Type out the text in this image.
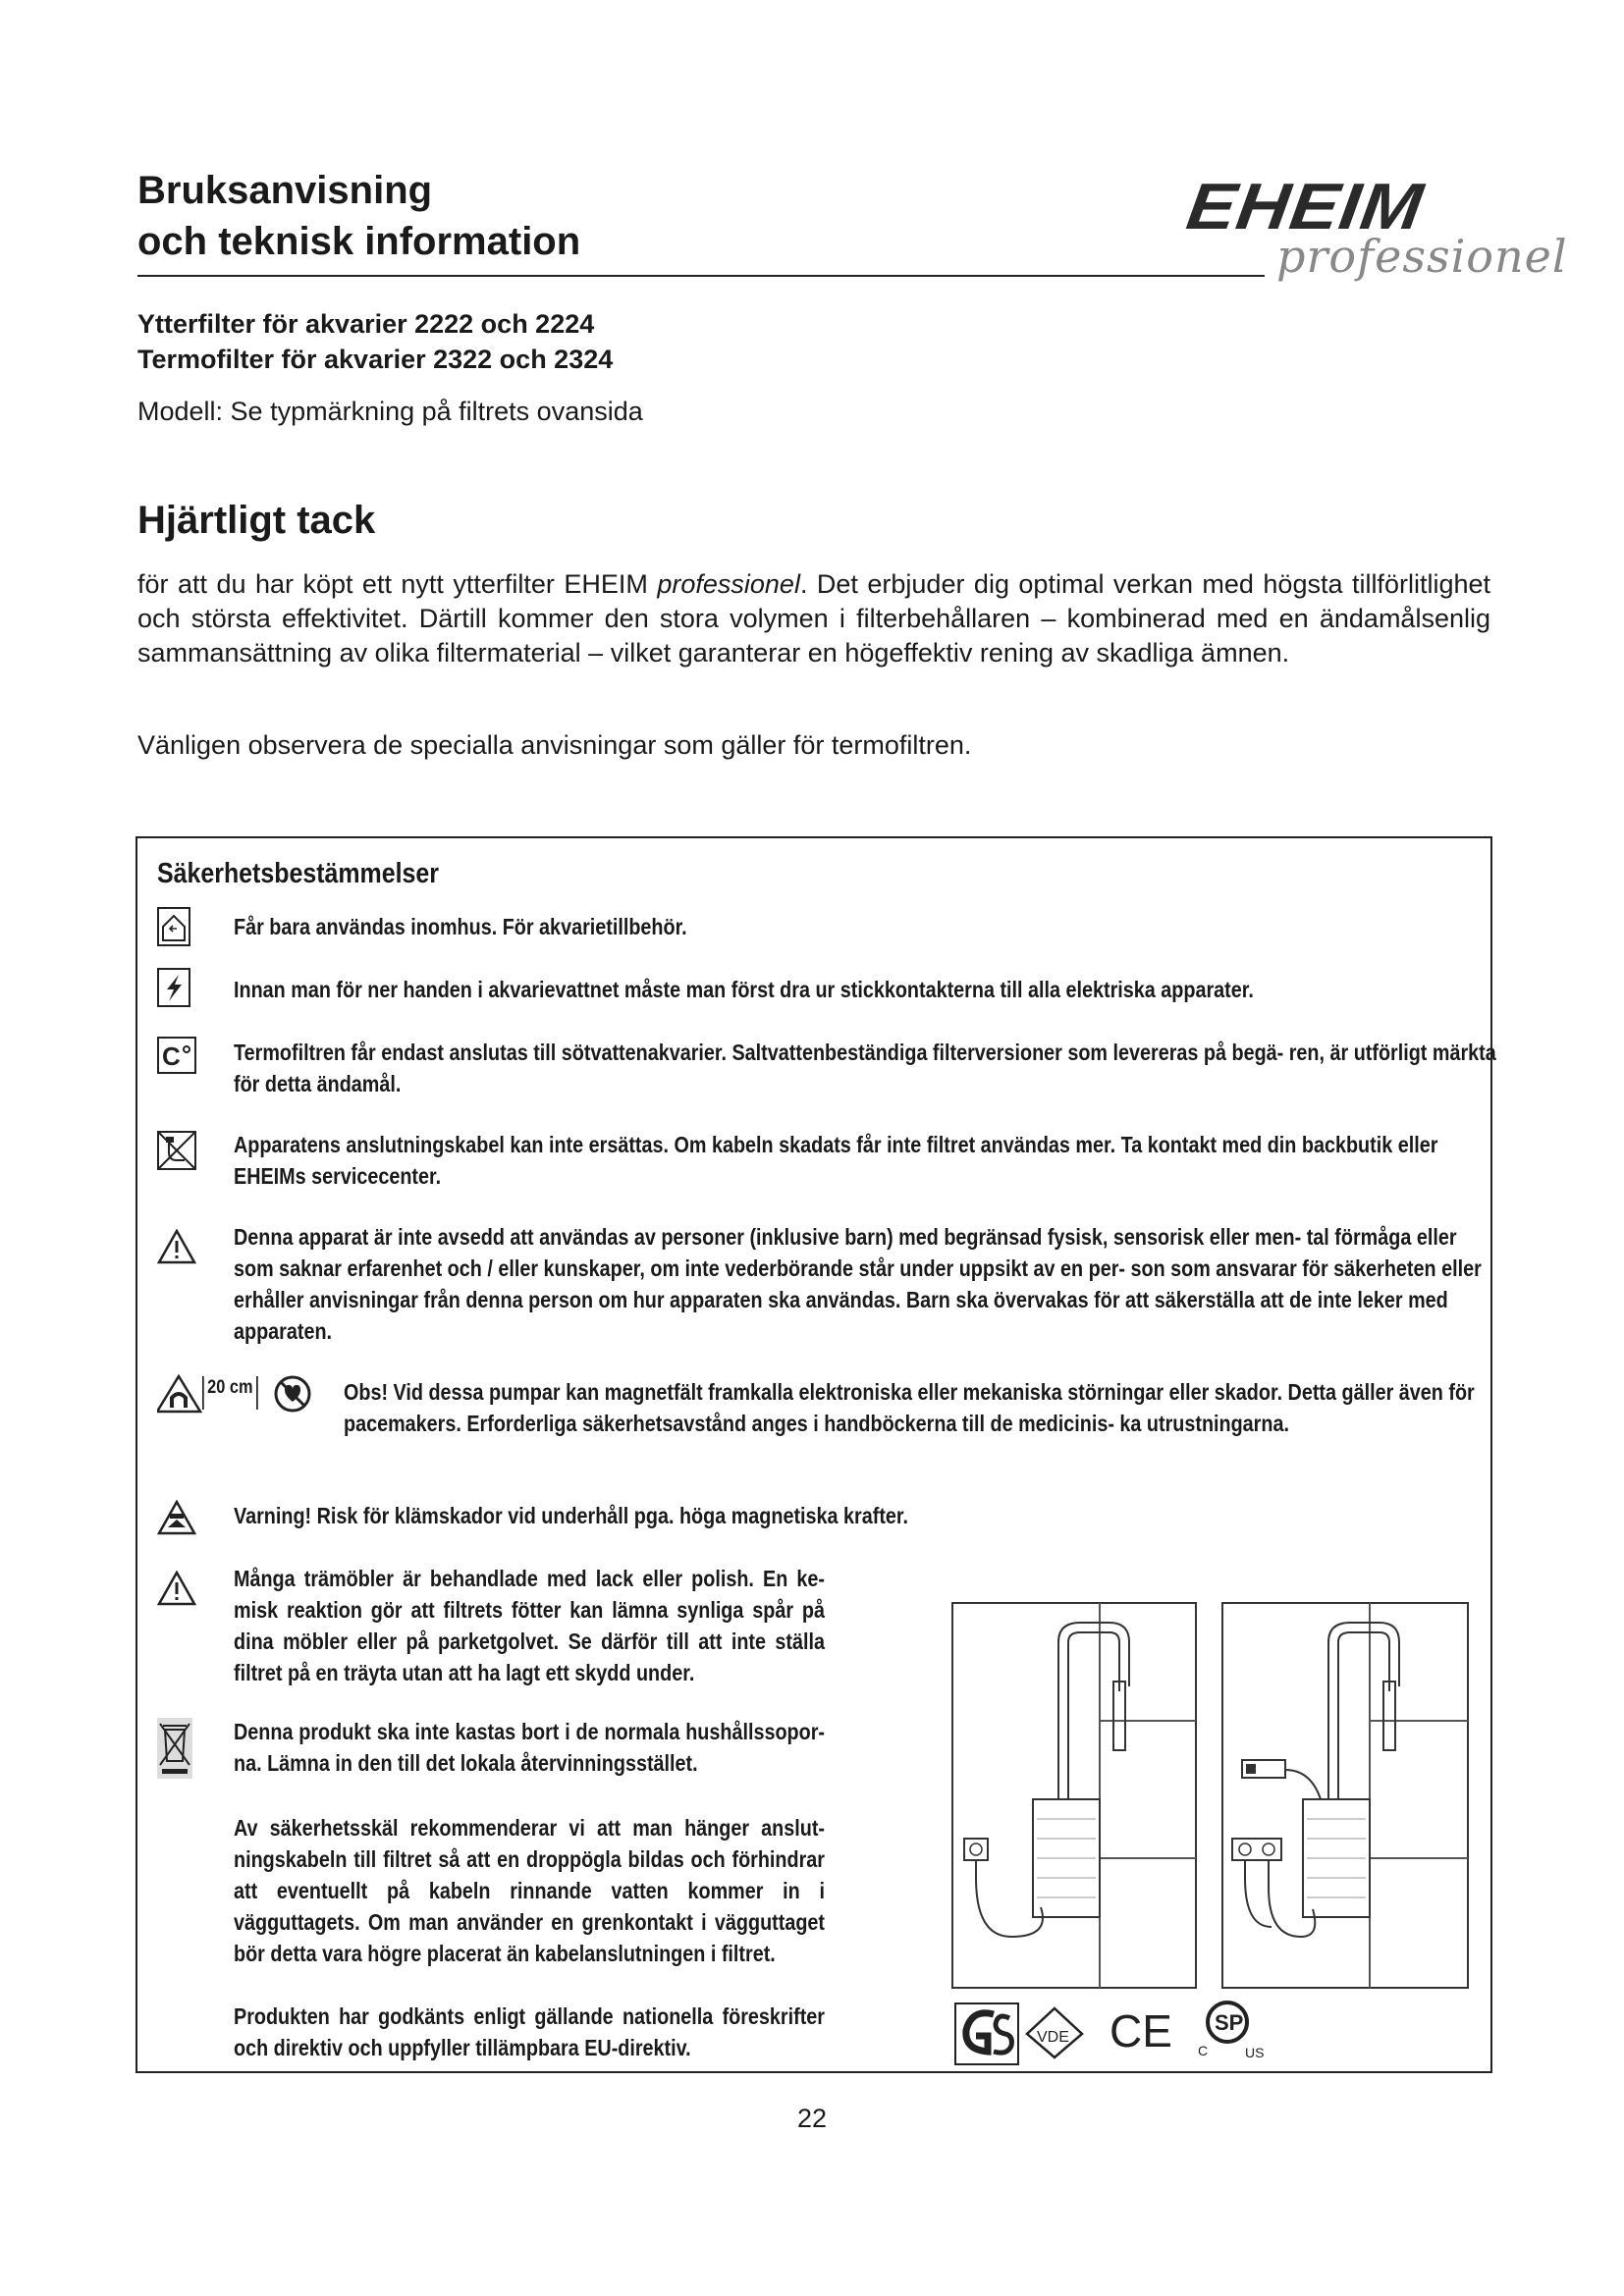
Bruksanvisning
och teknisk information	EHEIM
professionel
Ytterfilter för akvarier 2222 och 2224
Termofilter för akvarier 2322 och 2324
Modell: Se typmärkning på filtrets ovansida
Hjärtligt tack
för att du har köpt ett nytt ytterfilter EHEIM professionel. Det erbjuder dig optimal verkan med högsta tillförlitlighet och största effektivitet. Därtill kommer den stora volymen i filterbehållaren – kombinerad med en ändamålsenlig sammansättning av olika filtermaterial – vilket garanterar en högeffektiv rening av skadliga ämnen.
Vänligen observera de specialla anvisningar som gäller för termofiltren.
Säkerhetsbestämmelser
Får bara användas inomhus. För akvarietillbehör.
Innan man för ner handen i akvarievattnet måste man först dra ur stickkontakterna till alla elektriska apparater.
C Termofiltren får endast anslutas till sötvattenakvarier. Saltvattenbeständiga filterversioner som levereras på begä- ren, är utförligt märkta för detta ändamål.
Apparatens anslutningskabel kan inte ersättas. Om kabeln skadats får inte filtret användas mer. Ta kontakt med din backbutik eller EHEIMs servicecenter.
Denna apparat är inte avsedd att användas av personer (inklusive barn) med begränsad fysisk, sensorisk eller men- tal förmåga eller som saknar erfarenhet och / eller kunskaper, om inte vederbörande står under uppsikt av en per- son som ansvarar för säkerheten eller erhåller anvisningar från denna person om hur apparaten ska användas. Barn ska övervakas för att säkerställa att de inte leker med apparaten.
20 cm	Obs! Vid dessa pumpar kan magnetfält framkalla elektroniska eller mekaniska störningar eller skador. Detta gäller även för pacemakers. Erforderliga säkerhetsavstånd anges i handböckerna till de medicinis- ka utrustningarna.
Varning! Risk för klämskador vid underhåll pga. höga magnetiska krafter.
Många trämöbler är behandlade med lack eller polish. En ke- misk reaktion gör att filtrets fötter kan lämna synliga spår på dina möbler eller på parketgolvet. Se därför till att inte ställa filtret på en träyta utan att ha lagt ett skydd under.
Denna produkt ska inte kastas bort i de normala hushållssopor- na. Lämna in den till det lokala återvinningsstället.
Av säkerhetsskäl rekommenderar vi att man hänger anslut- ningskabeln till filtret så att en droppögla bildas och förhindrar att eventuellt på kabeln rinnande vatten kommer in i vägguttagets. Om man använder en grenkontakt i vägguttaget bör detta vara högre placerat än kabelanslutningen i filtret.
Produkten har godkänts enligt gällande nationella föreskrifter och direktiv och uppfyller tillämpbara EU-direktiv.	VDE CE SP
C	US
22
